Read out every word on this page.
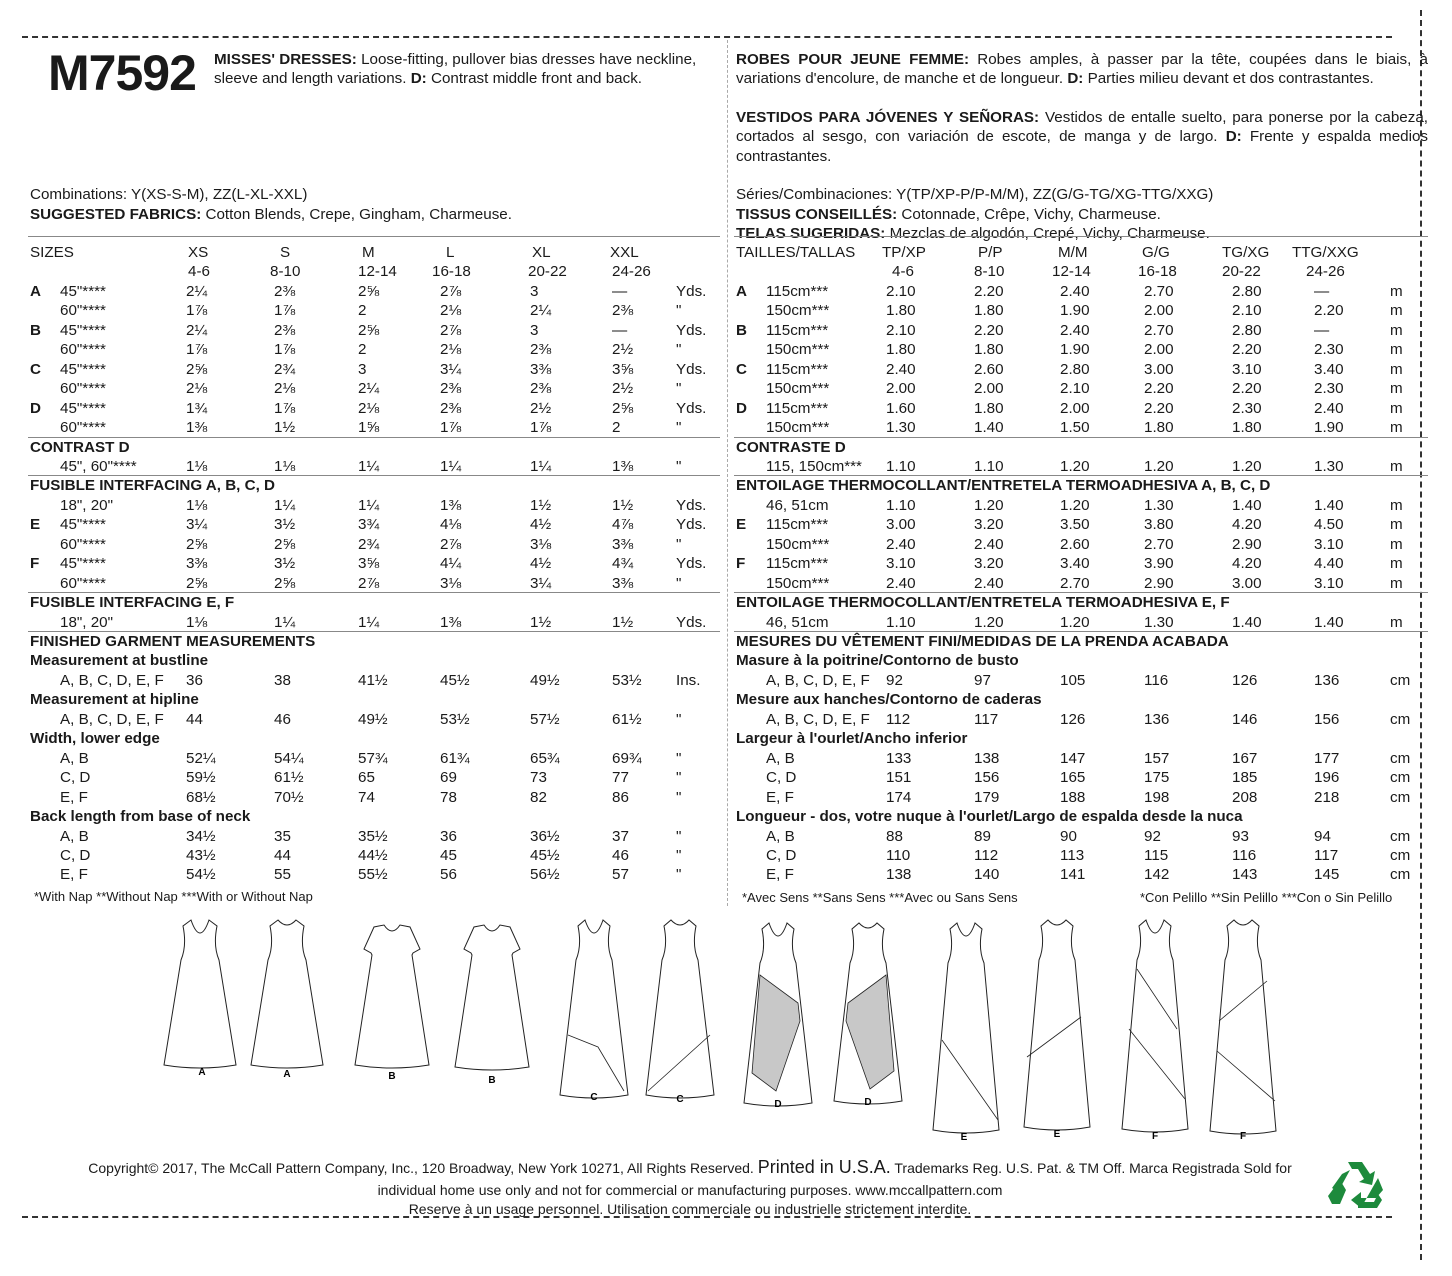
M7592 MISSES' DRESSES: Loose-fitting, pullover bias dresses have neckline, sleeve and length variations. D: Contrast middle front and back.
ROBES POUR JEUNE FEMME: Robes amples, à passer par la tête, coupées dans le biais, à variations d'encolure, de manche et de longueur. D: Parties milieu devant et dos contrastantes.
VESTIDOS PARA JÓVENES Y SEÑORAS: Vestidos de entalle suelto, para ponerse por la cabeza, cortados al sesgo, con variación de escote, de manga y de largo. D: Frente y espalda medios contrastantes.
Combinations: Y(XS-S-M), ZZ(L-XL-XXL)
SUGGESTED FABRICS: Cotton Blends, Crepe, Gingham, Charmeuse.
Séries/Combinaciones: Y(TP/XP-P/P-M/M), ZZ(G/G-TG/XG-TTG/XXG)
TISSUS CONSEILLÉS: Cotonnade, Crêpe, Vichy, Charmeuse.
TELAS SUGERIDAS: Mezclas de algodón, Crepé, Vichy, Charmeuse.
SIZES	XS	S	M	L	XL	XXL
4-6	8-10	12-14 16-18	20-22	24-26
A 45"****	2¼	2⅜	2⅝	2⅞	3	—	Yds.
60"****	1⅞	1⅞	2	2⅛	2¼	2⅜	"
B 45"****	2¼	2⅜	2⅝	2⅞	3	—	Yds.
60"****	1⅞	1⅞	2	2⅛	2⅜	2½	"
C 45"****	2⅝	2¾	3	3¼	3⅜	3⅝	Yds.
60"****	2⅛	2⅛	2¼	2⅜	2⅜	2½	"
D 45"****	1¾	1⅞	2⅛	2⅜	2½	2⅝	Yds.
60"****	1⅜	1½	1⅝	1⅞	1⅞	2	"
CONTRAST D
45", 60"****	1⅛	1⅛	1¼	1¼	1¼	1⅜	"
FUSIBLE INTERFACING A, B, C, D
18", 20"	1⅛	1¼	1¼	1⅜	1½	1½	Yds.
E 45"****	3¼	3½	3¾	4⅛	4½	4⅞	Yds.
60"****	2⅝	2⅝	2¾	2⅞	3⅛	3⅜	"
F 45"****	3⅜	3½	3⅝	4¼	4½	4¾	Yds.
60"****	2⅝	2⅝	2⅞	3⅛	3¼	3⅜	"
FUSIBLE INTERFACING E, F
18", 20"	1⅛	1¼	1¼	1⅜	1½	1½	Yds.
FINISHED GARMENT MEASUREMENTS
Measurement at bustline
A, B, C, D, E, F 36	38	41½	45½	49½	53½ Ins.
Measurement at hipline
A, B, C, D, E, F 44	46	49½	53½	57½	61½ "
Width, lower edge
A, B	52¼	54¼	57¾	61¾	65¾	69¾ "
C, D	59½	61½	65	69	73	77	"
E, F	68½	70½	74	78	82	86	"
Back length from base of neck
A, B	34½	35	35½	36	36½	37	"
C, D	43½	44	44½	45	45½	46	"
E, F	54½	55	55½	56	56½	57	"
TAILLES/TALLAS TP/XP	P/P	M/M	G/G	TG/XG TTG/XXG
4-6	8-10	12-14	16-18	20-22	24-26
A 115cm***	2.10	2.20	2.40	2.70	2.80	—	m
150cm***	1.80	1.80	1.90	2.00	2.10	2.20	m
B 115cm***	2.10	2.20	2.40	2.70	2.80	—	m
150cm***	1.80	1.80	1.90	2.00	2.20	2.30	m
C 115cm***	2.40	2.60	2.80	3.00	3.10	3.40	m
150cm***	2.00	2.00	2.10	2.20	2.20	2.30	m
D 115cm***	1.60	1.80	2.00	2.20	2.30	2.40	m
150cm***	1.30	1.40	1.50	1.80	1.80	1.90	m
CONTRASTE D
115, 150cm*** 1.10	1.10	1.20	1.20	1.20	1.30	m
ENTOILAGE THERMOCOLLANT/ENTRETELA TERMOADHESIVA A, B, C, D
46, 51cm	1.10	1.20	1.20	1.30	1.40	1.40	m
E 115cm***	3.00	3.20	3.50	3.80	4.20	4.50	m
150cm***	2.40	2.40	2.60	2.70	2.90	3.10	m
F 115cm***	3.10	3.20	3.40	3.90	4.20	4.40	m
150cm***	2.40	2.40	2.70	2.90	3.00	3.10	m
ENTOILAGE THERMOCOLLANT/ENTRETELA TERMOADHESIVA E, F
46, 51cm	1.10	1.20	1.20	1.30	1.40	1.40	m
MESURES DU VÊTEMENT FINI/MEDIDAS DE LA PRENDA ACABADA
Masure à la poitrine/Contorno de busto
A, B, C, D, E, F 92	97	105	116	126	136	cm
Mesure aux hanches/Contorno de caderas
A, B, C, D, E, F 112	117	126	136	146	156	cm
Largeur à l'ourlet/Ancho inferior
A, B	133	138	147	157	167	177	cm
C, D	151	156	165	175	185	196	cm
E, F	174	179	188	198	208	218	cm
Longueur - dos, votre nuque à l'ourlet/Largo de espalda desde la nuca
A, B	88	89	90	92	93	94	cm
C, D	110	112	113	115	116	117	cm
E, F	138	140	141	142	143	145	cm
*With Nap **Without Nap ***With or Without Nap	*Avec Sens **Sans Sens ***Avec ou Sans Sens	*Con Pelillo **Sin Pelillo ***Con o Sin Pelillo
A	A	B	B
C	C	D	D
E	E	F	F
Copyright© 2017, The McCall Pattern Company, Inc., 120 Broadway, New York 10271, All Rights Reserved. Printed in U.S.A. Trademarks Reg. U.S. Pat. & TM Off. Marca Registrada Sold for
individual home use only and not for commercial or manufacturing purposes. www.mccallpattern.com
Reserve à un usage personnel. Utilisation commerciale ou industrielle strictement interdite.
